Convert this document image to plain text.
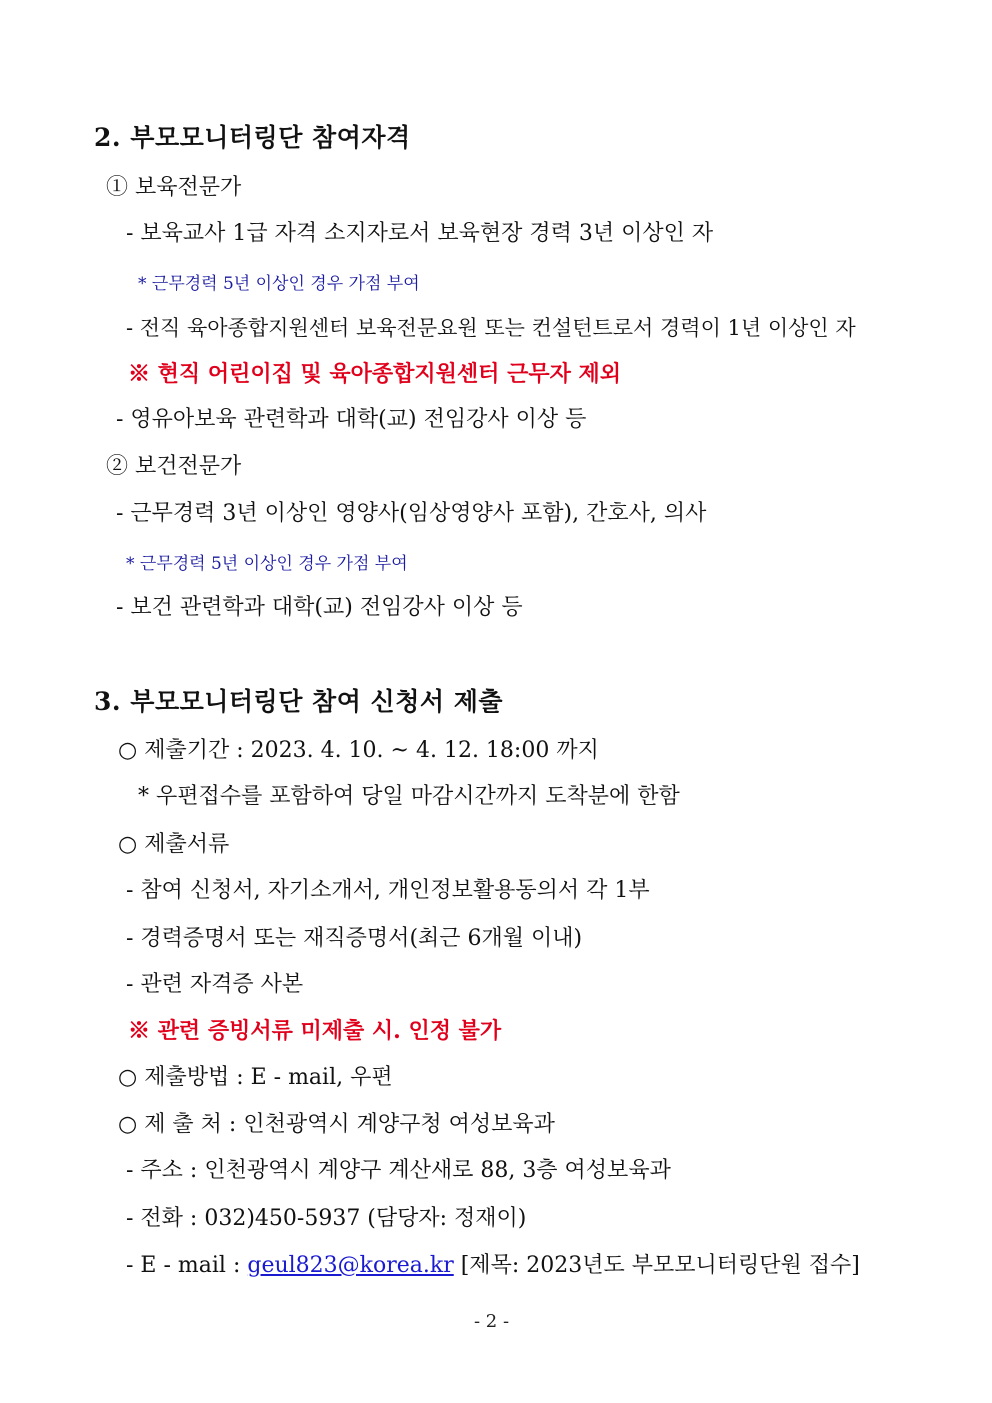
2. 부모모니터링단 참여자격
① 보육전문가
- 보육교사 1급 자격 소지자로서 보육현장 경력 3년 이상인 자
* 근무경력 5년 이상인 경우 가점 부여
- 전직 육아종합지원센터 보육전문요원 또는 컨설턴트로서 경력이 1년 이상인 자
※ 현직 어린이집 및 육아종합지원센터 근무자 제외
- 영유아보육 관련학과 대학(교) 전임강사 이상 등
② 보건전문가
- 근무경력 3년 이상인 영양사(임상영양사 포함), 간호사, 의사
* 근무경력 5년 이상인 경우 가점 부여
- 보건 관련학과 대학(교) 전임강사 이상 등
3. 부모모니터링단 참여 신청서 제출
○ 제출기간 : 2023. 4. 10. ~ 4. 12. 18:00 까지
* 우편접수를 포함하여 당일 마감시간까지 도착분에 한함
○ 제출서류
- 참여 신청서, 자기소개서, 개인정보활용동의서 각 1부
- 경력증명서 또는 재직증명서(최근 6개월 이내)
- 관련 자격증 사본
※ 관련 증빙서류 미제출 시. 인정 불가
○ 제출방법 : E - mail, 우편
○ 제 출 처 : 인천광역시 계양구청 여성보육과
- 주소 : 인천광역시 계양구 계산새로 88, 3층 여성보육과
- 전화 : 032)450-5937 (담당자: 정재이)
- E - mail : geul823@korea.kr [제목: 2023년도 부모모니터링단원 접수]
- 2 -
